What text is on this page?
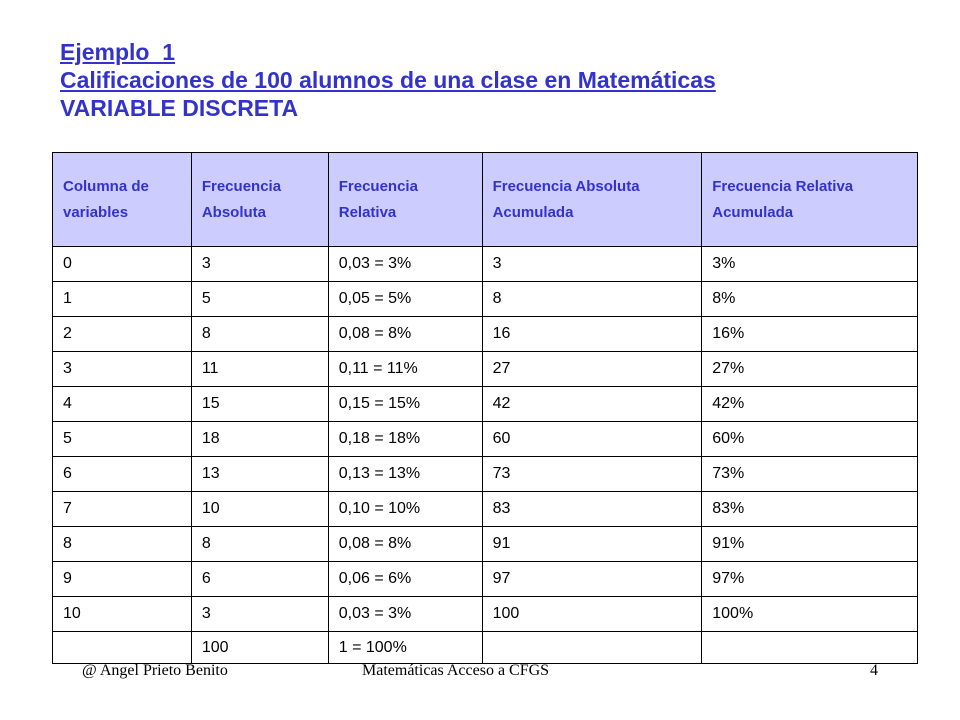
Ejemplo_1
Calificaciones de 100 alumnos de una clase en Matemáticas
VARIABLE DISCRETA
Columna de variables	Frecuencia Absoluta	Frecuencia Relativa	Frecuencia Absoluta Acumulada	Frecuencia Relativa Acumulada
0	3	0,03 = 3%	3	3%
1	5	0,05 = 5%	8	8%
2	8	0,08 = 8%	16	16%
3	11	0,11 = 11%	27	27%
4	15	0,15 = 15%	42	42%
5	18	0,18 = 18%	60	60%
6	13	0,13 = 13%	73	73%
7	10	0,10 = 10%	83	83%
8	8	0,08 = 8%	91	91%
9	6	0,06 = 6%	97	97%
10	3	0,03 = 3%	100	100%
	100	1 = 100%		
@ Angel Prieto Benito	Matemáticas Acceso a CFGS	4
